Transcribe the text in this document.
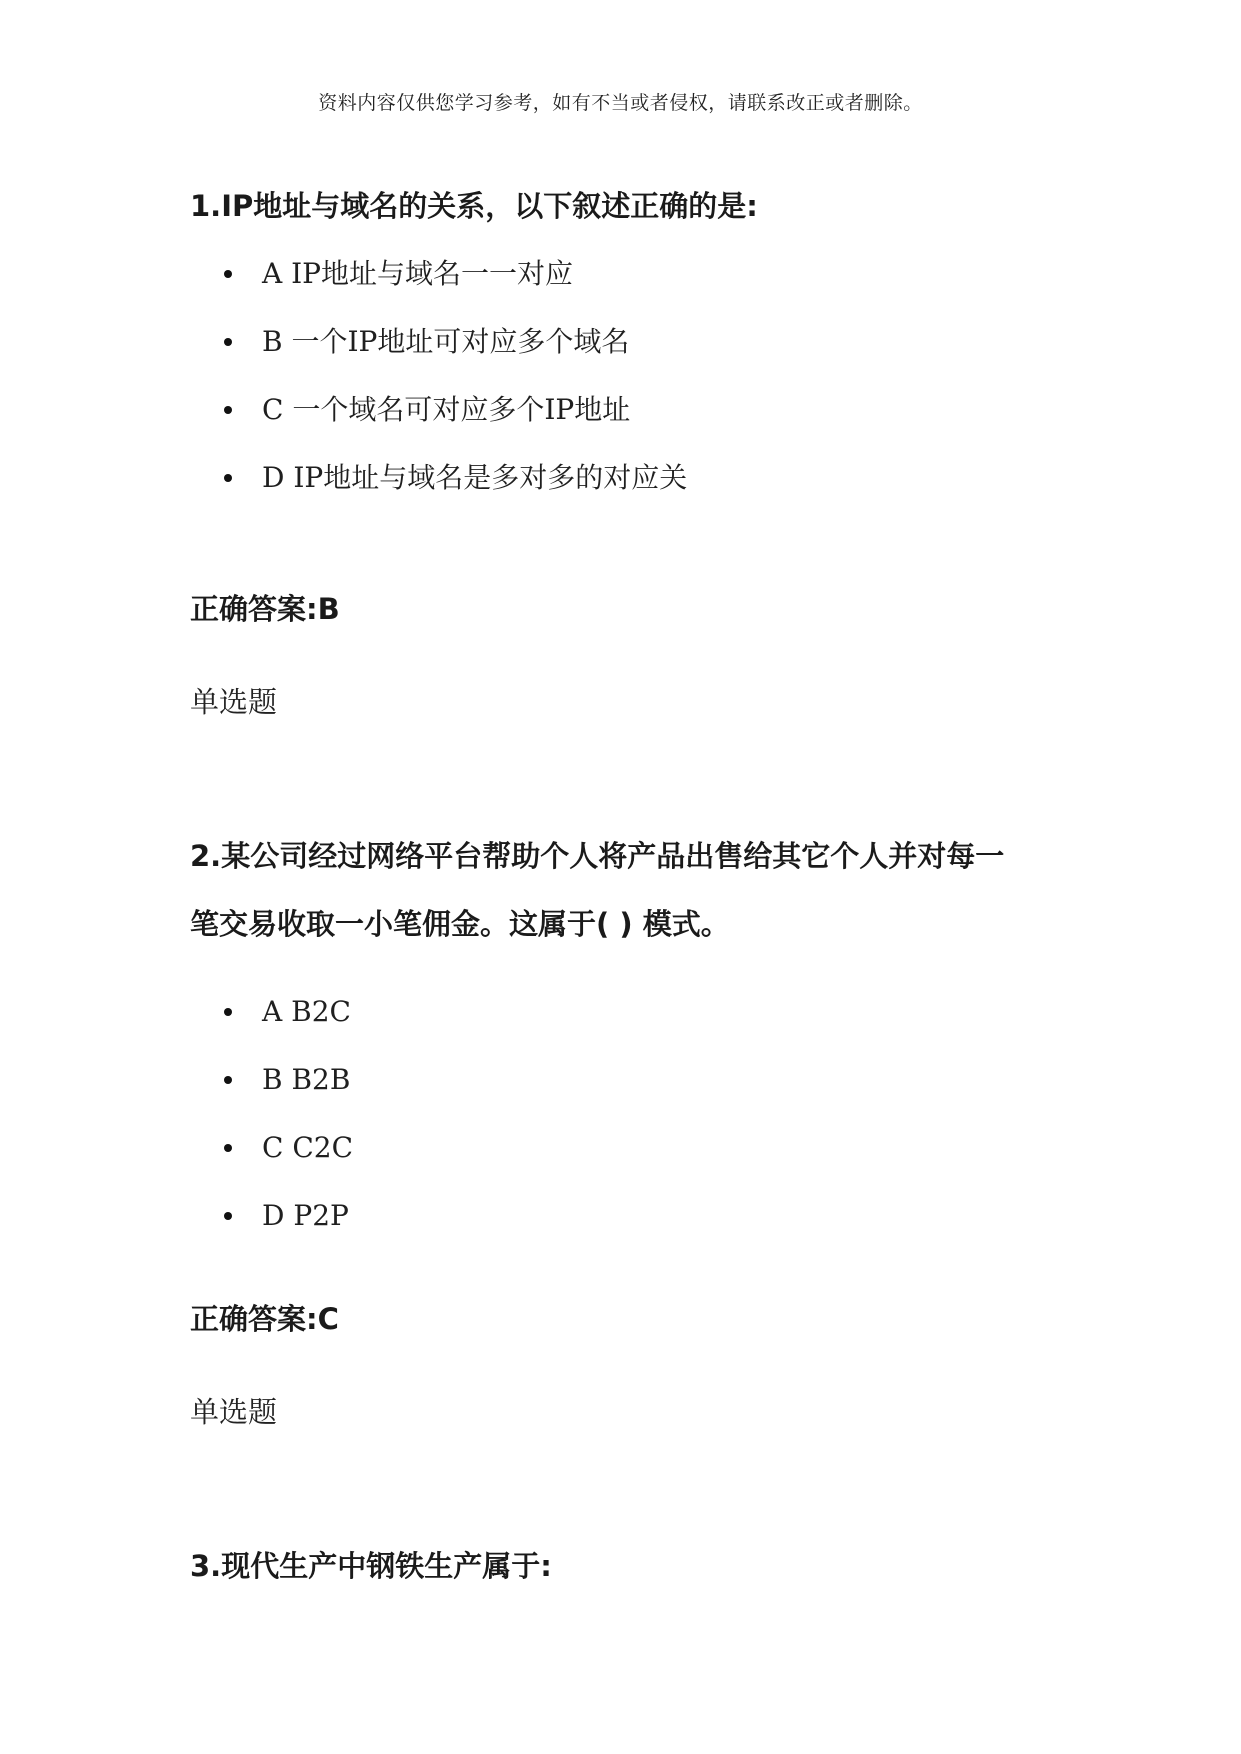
资料内容仅供您学习参考，如有不当或者侵权，请联系改正或者删除。

1.IP地址与域名的关系，以下叙述正确的是:

A IP地址与域名一一对应
B 一个IP地址可对应多个域名
C 一个域名可对应多个IP地址
D IP地址与域名是多对多的对应关

正确答案:B

单选题

2.某公司经过网络平台帮助个人将产品出售给其它个人并对每一

笔交易收取一小笔佣金。这属于( ) 模式。

A B2C
B B2B
C C2C
D P2P

正确答案:C

单选题

3.现代生产中钢铁生产属于:
